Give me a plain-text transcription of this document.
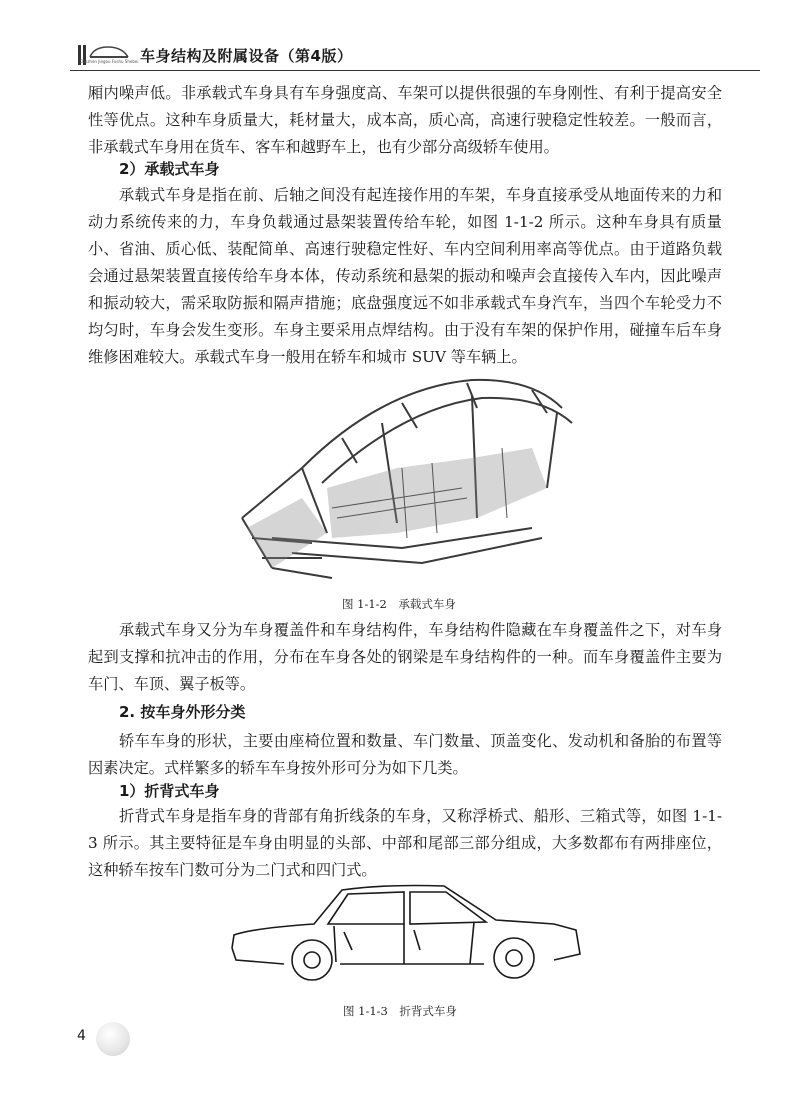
Chezhen Jiegou Fushu Shebei 车身结构及附属设备（第4版）

厢内噪声低。非承载式车身具有车身强度高、车架可以提供很强的车身刚性、有利于提高安全性等优点。这种车身质量大，耗材量大，成本高，质心高，高速行驶稳定性较差。一般而言，非承载式车身用在货车、客车和越野车上，也有少部分高级轿车使用。

2）承载式车身

承载式车身是指在前、后轴之间没有起连接作用的车架，车身直接承受从地面传来的力和动力系统传来的力，车身负载通过悬架装置传给车轮，如图 1-1-2 所示。这种车身具有质量小、省油、质心低、装配简单、高速行驶稳定性好、车内空间利用率高等优点。由于道路负载会通过悬架装置直接传给车身本体，传动系统和悬架的振动和噪声会直接传入车内，因此噪声和振动较大，需采取防振和隔声措施；底盘强度远不如非承载式车身汽车，当四个车轮受力不均匀时，车身会发生变形。车身主要采用点焊结构。由于没有车架的保护作用，碰撞车后车身维修困难较大。承载式车身一般用在轿车和城市 SUV 等车辆上。

图 1-1-2　承载式车身

承载式车身又分为车身覆盖件和车身结构件，车身结构件隐藏在车身覆盖件之下，对车身起到支撑和抗冲击的作用，分布在车身各处的钢梁是车身结构件的一种。而车身覆盖件主要为车门、车顶、翼子板等。

2. 按车身外形分类

轿车车身的形状，主要由座椅位置和数量、车门数量、顶盖变化、发动机和备胎的布置等因素决定。式样繁多的轿车车身按外形可分为如下几类。

1）折背式车身

折背式车身是指车身的背部有角折线条的车身，又称浮桥式、船形、三箱式等，如图 1-1-3 所示。其主要特征是车身由明显的头部、中部和尾部三部分组成，大多数都布有两排座位，这种轿车按车门数可分为二门式和四门式。

图 1-1-3　折背式车身
4
